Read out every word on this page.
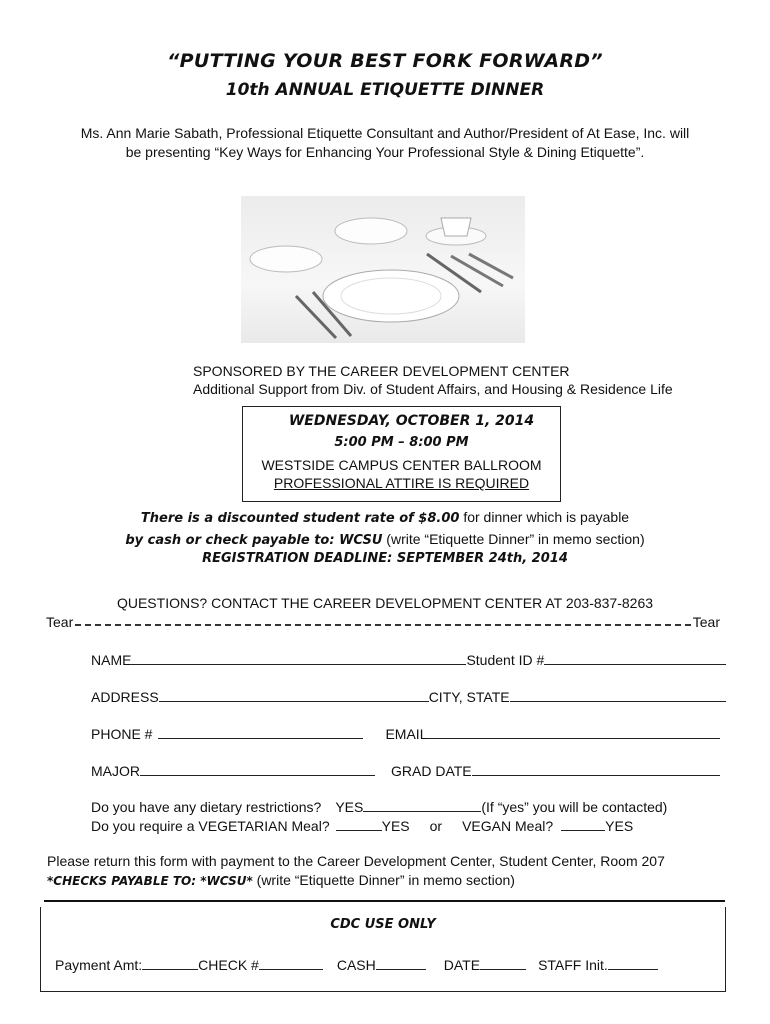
“PUTTING YOUR BEST FORK FORWARD”
10th ANNUAL ETIQUETTE DINNER
Ms. Ann Marie Sabath, Professional Etiquette Consultant and Author/President of At Ease, Inc. will
be presenting “Key Ways for Enhancing Your Professional Style & Dining Etiquette”.
SPONSORED BY THE CAREER DEVELOPMENT CENTER
Additional Support from Div. of Student Affairs, and Housing & Residence Life
WEDNESDAY, OCTOBER 1, 2014
5:00 PM – 8:00 PM
WESTSIDE CAMPUS CENTER BALLROOM
PROFESSIONAL ATTIRE IS REQUIRED
There is a discounted student rate of $8.00 for dinner which is payable
by cash or check payable to: WCSU (write “Etiquette Dinner” in memo section)
REGISTRATION DEADLINE: SEPTEMBER 24th, 2014
QUESTIONS? CONTACT THE CAREER DEVELOPMENT CENTER AT 203-837-8263
Tear	Tear
NAME	Student ID #
ADDRESS	CITY, STATE
PHONE #	EMAIL
MAJOR	GRAD DATE
Do you have any dietary restrictions? YES	(If “yes” you will be contacted)
Do you require a VEGETARIAN Meal?	YES or VEGAN Meal?	YES
Please return this form with payment to the Career Development Center, Student Center, Room 207
*CHECKS PAYABLE TO: *WCSU* (write “Etiquette Dinner” in memo section)
CDC USE ONLY
Payment Amt:	CHECK #	CASH	DATE	STAFF Init.
